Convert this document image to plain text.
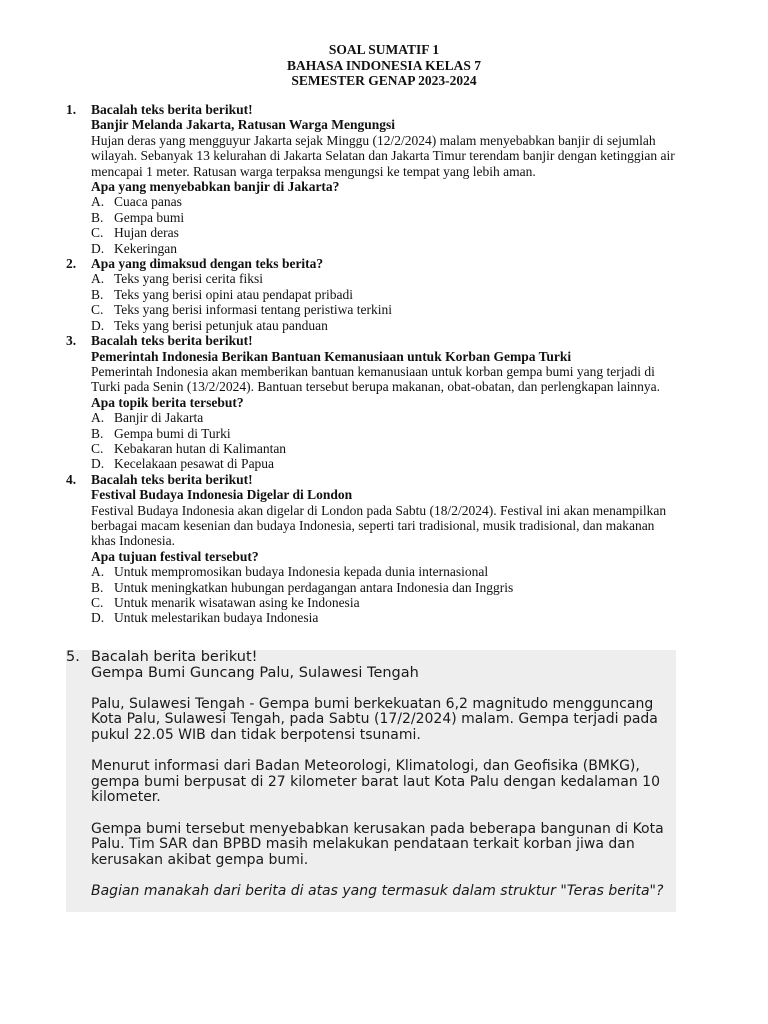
SOAL SUMATIF 1
BAHASA INDONESIA KELAS 7
SEMESTER GENAP 2023-2024
1. Bacalah teks berita berikut!
Banjir Melanda Jakarta, Ratusan Warga Mengungsi
Hujan deras yang mengguyur Jakarta sejak Minggu (12/2/2024) malam menyebabkan banjir di sejumlah wilayah. Sebanyak 13 kelurahan di Jakarta Selatan dan Jakarta Timur terendam banjir dengan ketinggian air mencapai 1 meter. Ratusan warga terpaksa mengungsi ke tempat yang lebih aman.
Apa yang menyebabkan banjir di Jakarta?
A. Cuaca panas
B. Gempa bumi
C. Hujan deras
D. Kekeringan
2. Apa yang dimaksud dengan teks berita?
A. Teks yang berisi cerita fiksi
B. Teks yang berisi opini atau pendapat pribadi
C. Teks yang berisi informasi tentang peristiwa terkini
D. Teks yang berisi petunjuk atau panduan
3. Bacalah teks berita berikut!
Pemerintah Indonesia Berikan Bantuan Kemanusiaan untuk Korban Gempa Turki
Pemerintah Indonesia akan memberikan bantuan kemanusiaan untuk korban gempa bumi yang terjadi di Turki pada Senin (13/2/2024). Bantuan tersebut berupa makanan, obat-obatan, dan perlengkapan lainnya.
Apa topik berita tersebut?
A. Banjir di Jakarta
B. Gempa bumi di Turki
C. Kebakaran hutan di Kalimantan
D. Kecelakaan pesawat di Papua
4. Bacalah teks berita berikut!
Festival Budaya Indonesia Digelar di London
Festival Budaya Indonesia akan digelar di London pada Sabtu (18/2/2024). Festival ini akan menampilkan berbagai macam kesenian dan budaya Indonesia, seperti tari tradisional, musik tradisional, dan makanan khas Indonesia.
Apa tujuan festival tersebut?
A. Untuk mempromosikan budaya Indonesia kepada dunia internasional
B. Untuk meningkatkan hubungan perdagangan antara Indonesia dan Inggris
C. Untuk menarik wisatawan asing ke Indonesia
D. Untuk melestarikan budaya Indonesia
5. Bacalah berita berikut!
Gempa Bumi Guncang Palu, Sulawesi Tengah
Palu, Sulawesi Tengah - Gempa bumi berkekuatan 6,2 magnitudo mengguncang Kota Palu, Sulawesi Tengah, pada Sabtu (17/2/2024) malam. Gempa terjadi pada pukul 22.05 WIB dan tidak berpotensi tsunami.
Menurut informasi dari Badan Meteorologi, Klimatologi, dan Geofisika (BMKG), gempa bumi berpusat di 27 kilometer barat laut Kota Palu dengan kedalaman 10 kilometer.
Gempa bumi tersebut menyebabkan kerusakan pada beberapa bangunan di Kota Palu. Tim SAR dan BPBD masih melakukan pendataan terkait korban jiwa dan kerusakan akibat gempa bumi.
Bagian manakah dari berita di atas yang termasuk dalam struktur "Teras berita"?
